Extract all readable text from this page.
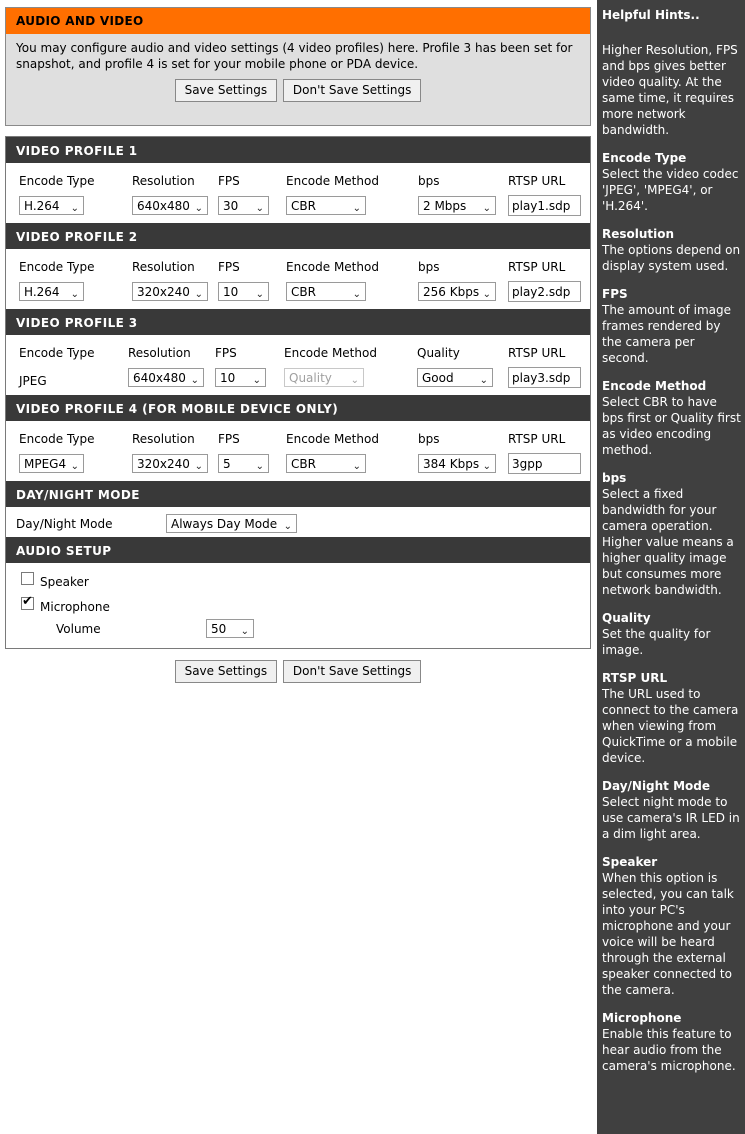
AUDIO AND VIDEO
You may configure audio and video settings (4 video profiles) here. Profile 3 has been set for snapshot, and profile 4 is set for your mobile phone or PDA device.
Save Settings Don't Save Settings
VIDEO PROFILE 1
Encode Type	Resolution FPS	Encode Method	bps	RTSP URL
H.264 ⌄	640x480 ⌄	30 ⌄	CBR	⌄	2 Mbps ⌄	play1.sdp
VIDEO PROFILE 2
Encode Type	Resolution FPS	Encode Method	bps	RTSP URL
H.264 ⌄	320x240 ⌄	10 ⌄	CBR	⌄	256 Kbps ⌄	play2.sdp
VIDEO PROFILE 3
Encode Type	Resolution FPS	Encode Method	Quality	RTSP URL
JPEG	640x480 ⌄	10 ⌄	Quality ⌄	Good	⌄	play3.sdp
VIDEO PROFILE 4 (FOR MOBILE DEVICE ONLY)
Encode Type	Resolution FPS	Encode Method	bps	RTSP URL
MPEG4 ⌄	320x240 ⌄	5 ⌄	CBR	⌄	384 Kbps ⌄	3gpp
DAY/NIGHT MODE
Day/Night Mode	Always Day Mode ⌄
AUDIO SETUP
Speaker
✔ Microphone
Volume	50 ⌄
Save Settings Don't Save Settings
Helpful Hints..
Higher Resolution, FPS and bps gives better video quality. At the same time, it requires more network bandwidth.
Encode Type
Select the video codec 'JPEG', 'MPEG4', or 'H.264'.
Resolution
The options depend on display system used.
FPS
The amount of image frames rendered by the camera per second.
Encode Method
Select CBR to have bps first or Quality first as video encoding method.
bps
Select a fixed bandwidth for your camera operation. Higher value means a higher quality image but consumes more network bandwidth.
Quality
Set the quality for image.
RTSP URL
The URL used to connect to the camera when viewing from QuickTime or a mobile device.
Day/Night Mode
Select night mode to use camera's IR LED in a dim light area.
Speaker
When this option is selected, you can talk into your PC's microphone and your voice will be heard through the external speaker connected to the camera.
Microphone
Enable this feature to hear audio from the camera's microphone.
